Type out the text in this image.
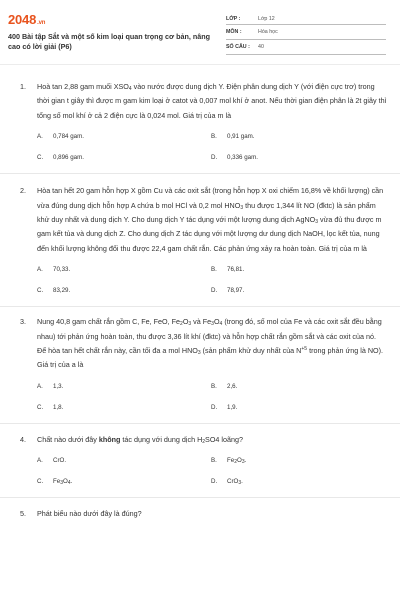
2048.vn
400 Bài tập Sắt và một số kim loại quan trọng cơ bản, nâng cao có lời giải (P6)
LỚP :	Lớp 12
MÔN :	Hóa học
SỐ CÂU :	40
1.	Hoà tan 2,88 gam muối $XSO_4$ vào nước được dung dịch Y. Điện phân dung dịch Y (với điện cực trơ) trong thời gian t giây thì được m gam kim loại ở catot và 0,007 mol khí ở anot. Nếu thời gian điện phân là 2t giây thì tổng số mol khí ở cả 2 điện cực là 0,024 mol. Giá trị của m là
A.	0,784 gam.	B.	0,91 gam.
C.	0,896 gam.	D.	0,336 gam.
2.	Hòa tan hết 20 gam hỗn hợp X gồm Cu và các oxit sắt (trong hỗn hợp X oxi chiếm 16,8% về khối lượng) cần vừa đúng dung dịch hỗn hợp A chứa b mol HCl và 0,2 mol $HNO_3$ thu được 1,344 lít NO (đktc) là sản phẩm khử duy nhất và dung dịch Y. Cho dung dịch Y tác dụng với một lượng dung dịch AgNO$_3$ vừa đủ thu được m gam kết tủa và dung dịch Z. Cho dung dịch Z tác dụng với một lượng dư dung dịch NaOH, lọc kết tủa, nung đến khối lượng không đổi thu được 22,4 gam chất rắn. Các phản ứng xảy ra hoàn toàn. Giá trị của m là
A.	70,33.	B.	76,81.
C.	83,29.	D.	78,97.
3.	Nung 40,8 gam chất rắn gồm C, Fe, FeO, $Fe_2O_3$ và $Fe_3O_4$ (trong đó, số mol của Fe và các oxit sắt đều bằng nhau) tới phản ứng hoàn toàn, thu được 3,36 lít khí (đktc) và hỗn hợp chất rắn gồm sắt và các oxit của nó. Để hòa tan hết chất rắn này, cần tối đa a mol $HNO_3$ (sản phẩm khử duy nhất của $N^{+5}$ trong phản ứng là NO). Giá trị của a là
A.	1,3.	B.	2,6.
C.	1,8.	D.	1,9.
4.	Chất nào dưới đây không tác dụng với dung dịch $H_2SO4$ loãng?
A.	CrO.	B.	$Fe_2O_3$.
C.	$Fe_3O_4$.	D.	CrO$_3$.
5.	Phát biểu nào dưới đây là đúng?
